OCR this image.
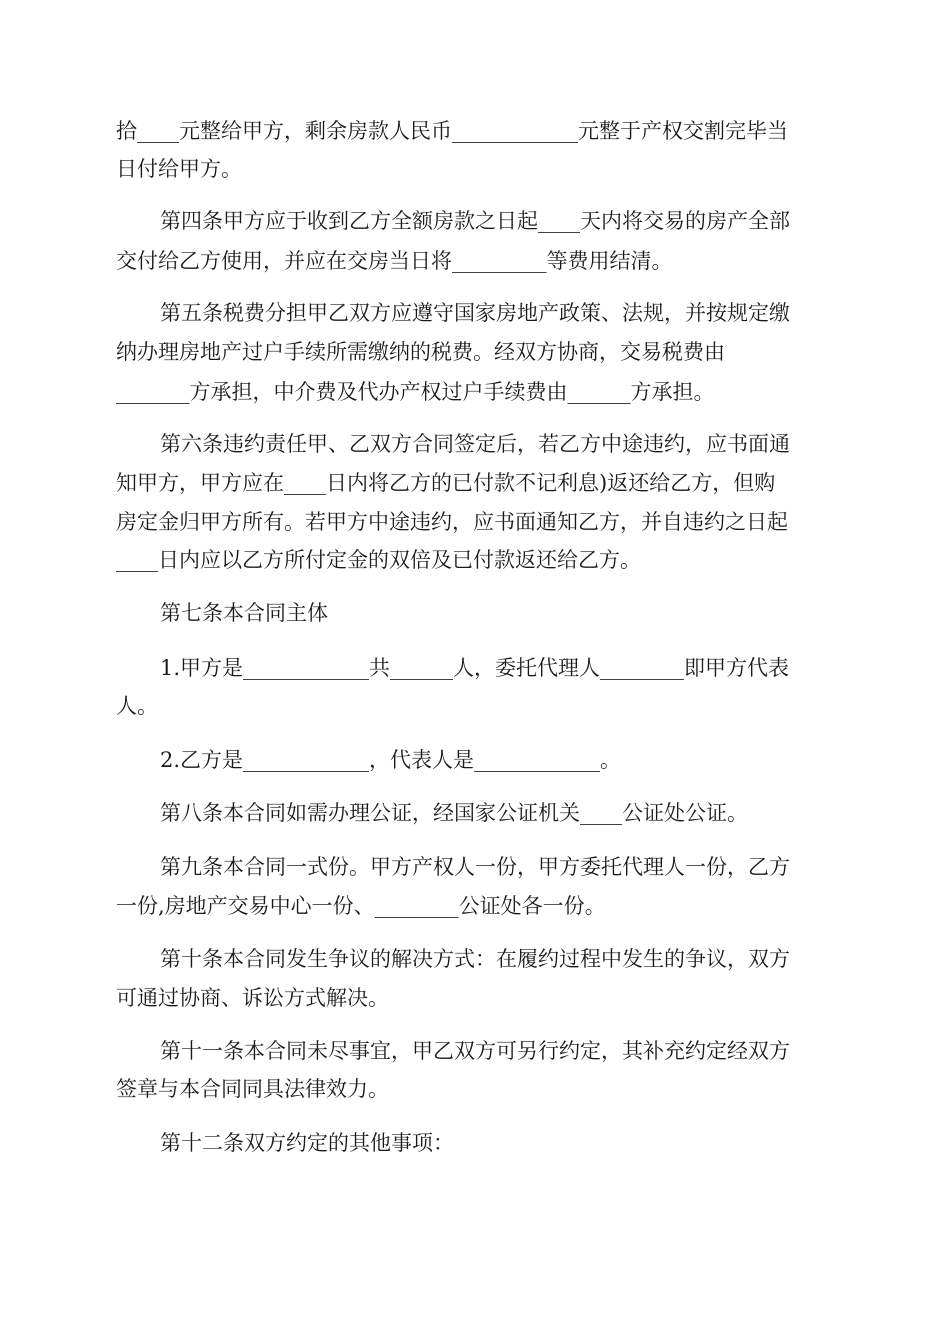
拾____元整给甲方，剩余房款人民币____________元整于产权交割完毕当
日付给甲方。
第四条甲方应于收到乙方全额房款之日起____天内将交易的房产全部
交付给乙方使用，并应在交房当日将_________等费用结清。
第五条税费分担甲乙双方应遵守国家房地产政策、法规，并按规定缴
纳办理房地产过户手续所需缴纳的税费。经双方协商，交易税费由
_______方承担，中介费及代办产权过户手续费由______方承担。
第六条违约责任甲、乙双方合同签定后，若乙方中途违约，应书面通
知甲方，甲方应在____日内将乙方的已付款不记利息)返还给乙方，但购
房定金归甲方所有。若甲方中途违约，应书面通知乙方，并自违约之日起
____日内应以乙方所付定金的双倍及已付款返还给乙方。
第七条本合同主体
1.甲方是____________共______人，委托代理人________即甲方代表
人。
2.乙方是____________，代表人是____________。
第八条本合同如需办理公证，经国家公证机关____公证处公证。
第九条本合同一式份。甲方产权人一份，甲方委托代理人一份，乙方
一份,房地产交易中心一份、________公证处各一份。
第十条本合同发生争议的解决方式：在履约过程中发生的争议，双方
可通过协商、诉讼方式解决。
第十一条本合同未尽事宜，甲乙双方可另行约定，其补充约定经双方
签章与本合同同具法律效力。
第十二条双方约定的其他事项：
